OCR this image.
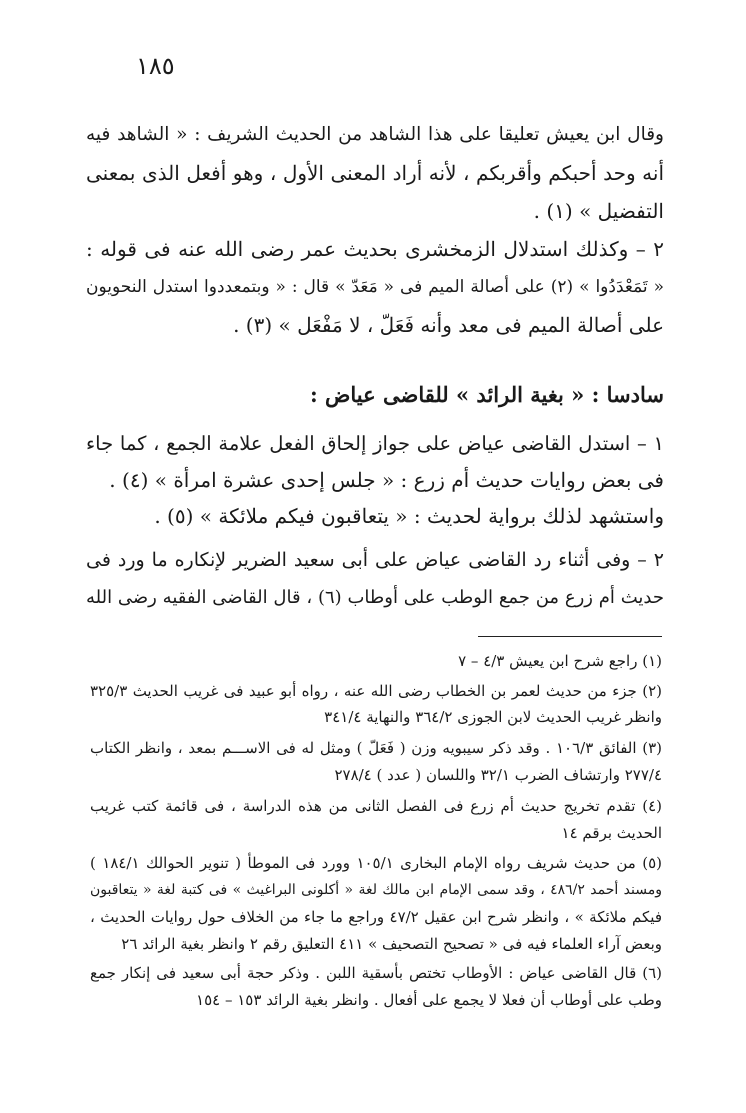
١٨٥
وقال ابن يعيش تعليقا على هذا الشاهد من الحديث الشريف : « الشاهد فيه
أنه وحد أحبكم وأقربكم ، لأنه أراد المعنى الأول ، وهو أفعل الذى بمعنى
التفضيل » (١) .
٢ – وكذلك استدلال الزمخشرى بحديث عمر رضى الله عنه فى قوله :
« تَمَعْدَدُوا » (٢) على أصالة الميم فى « مَعَدّ » قال : « وبتمعددوا استدل النحويون
على أصالة الميم فى معد وأنه فَعَلّ ، لا مَفْعَل » (٣) .
سادسا : « بغية الرائد » للقاضى عياض :
١ – استدل القاضى عياض على جواز إلحاق الفعل علامة الجمع ، كما جاء
فى بعض روايات حديث أم زرع : « جلس إحدى عشرة امرأة » (٤) .
واستشهد لذلك برواية لحديث : « يتعاقبون فيكم ملائكة » (٥) .
٢ – وفى أثناء رد القاضى عياض على أبى سعيد الضرير لإنكاره ما ورد فى
حديث أم زرع من جمع الوطب على أوطاب (٦) ، قال القاضى الفقيه رضى الله
(١) راجع شرح ابن يعيش ٤/٣ – ٧
(٢) جزء من حديث لعمر بن الخطاب رضى الله عنه ، رواه أبو عبيد فى غريب الحديث ٣٢٥/٣
وانظر غريب الحديث لابن الجوزى ٣٦٤/٢ والنهاية ٣٤١/٤
(٣) الفائق ١٠٦/٣ . وقد ذكر سيبويه وزن ( فَعَلّ ) ومثل له فى الاســـم بمعد ، وانظر الكتاب
٢٧٧/٤ وارتشاف الضرب ٣٢/١ واللسان ( عدد ) ٢٧٨/٤
(٤) تقدم تخريج حديث أم زرع فى الفصل الثانى من هذه الدراسة ، فى قائمة كتب غريب
الحديث برقم ١٤
(٥) من حديث شريف رواه الإمام البخارى ١٠٥/١ وورد فى الموطأ ( تنوير الحوالك ١٨٤/١ )
ومسند أحمد ٤٨٦/٢ ، وقد سمى الإمام ابن مالك لغة « أكلونى البراغيث » فى كتبة لغة « يتعاقبون
فيكم ملائكة » ، وانظر شرح ابن عقيل ٤٧/٢ وراجع ما جاء من الخلاف حول روايات الحديث ،
وبعض آراء العلماء فيه فى « تصحيح التصحيف » ٤١١ التعليق رقم ٢ وانظر بغية الرائد ٢٦
(٦) قال القاضى عياض : الأوطاب تختص بأسقية اللبن . وذكر حجة أبى سعيد فى إنكار جمع
وطب على أوطاب أن فعلا لا يجمع على أفعال . وانظر بغية الرائد ١٥٣ – ١٥٤
